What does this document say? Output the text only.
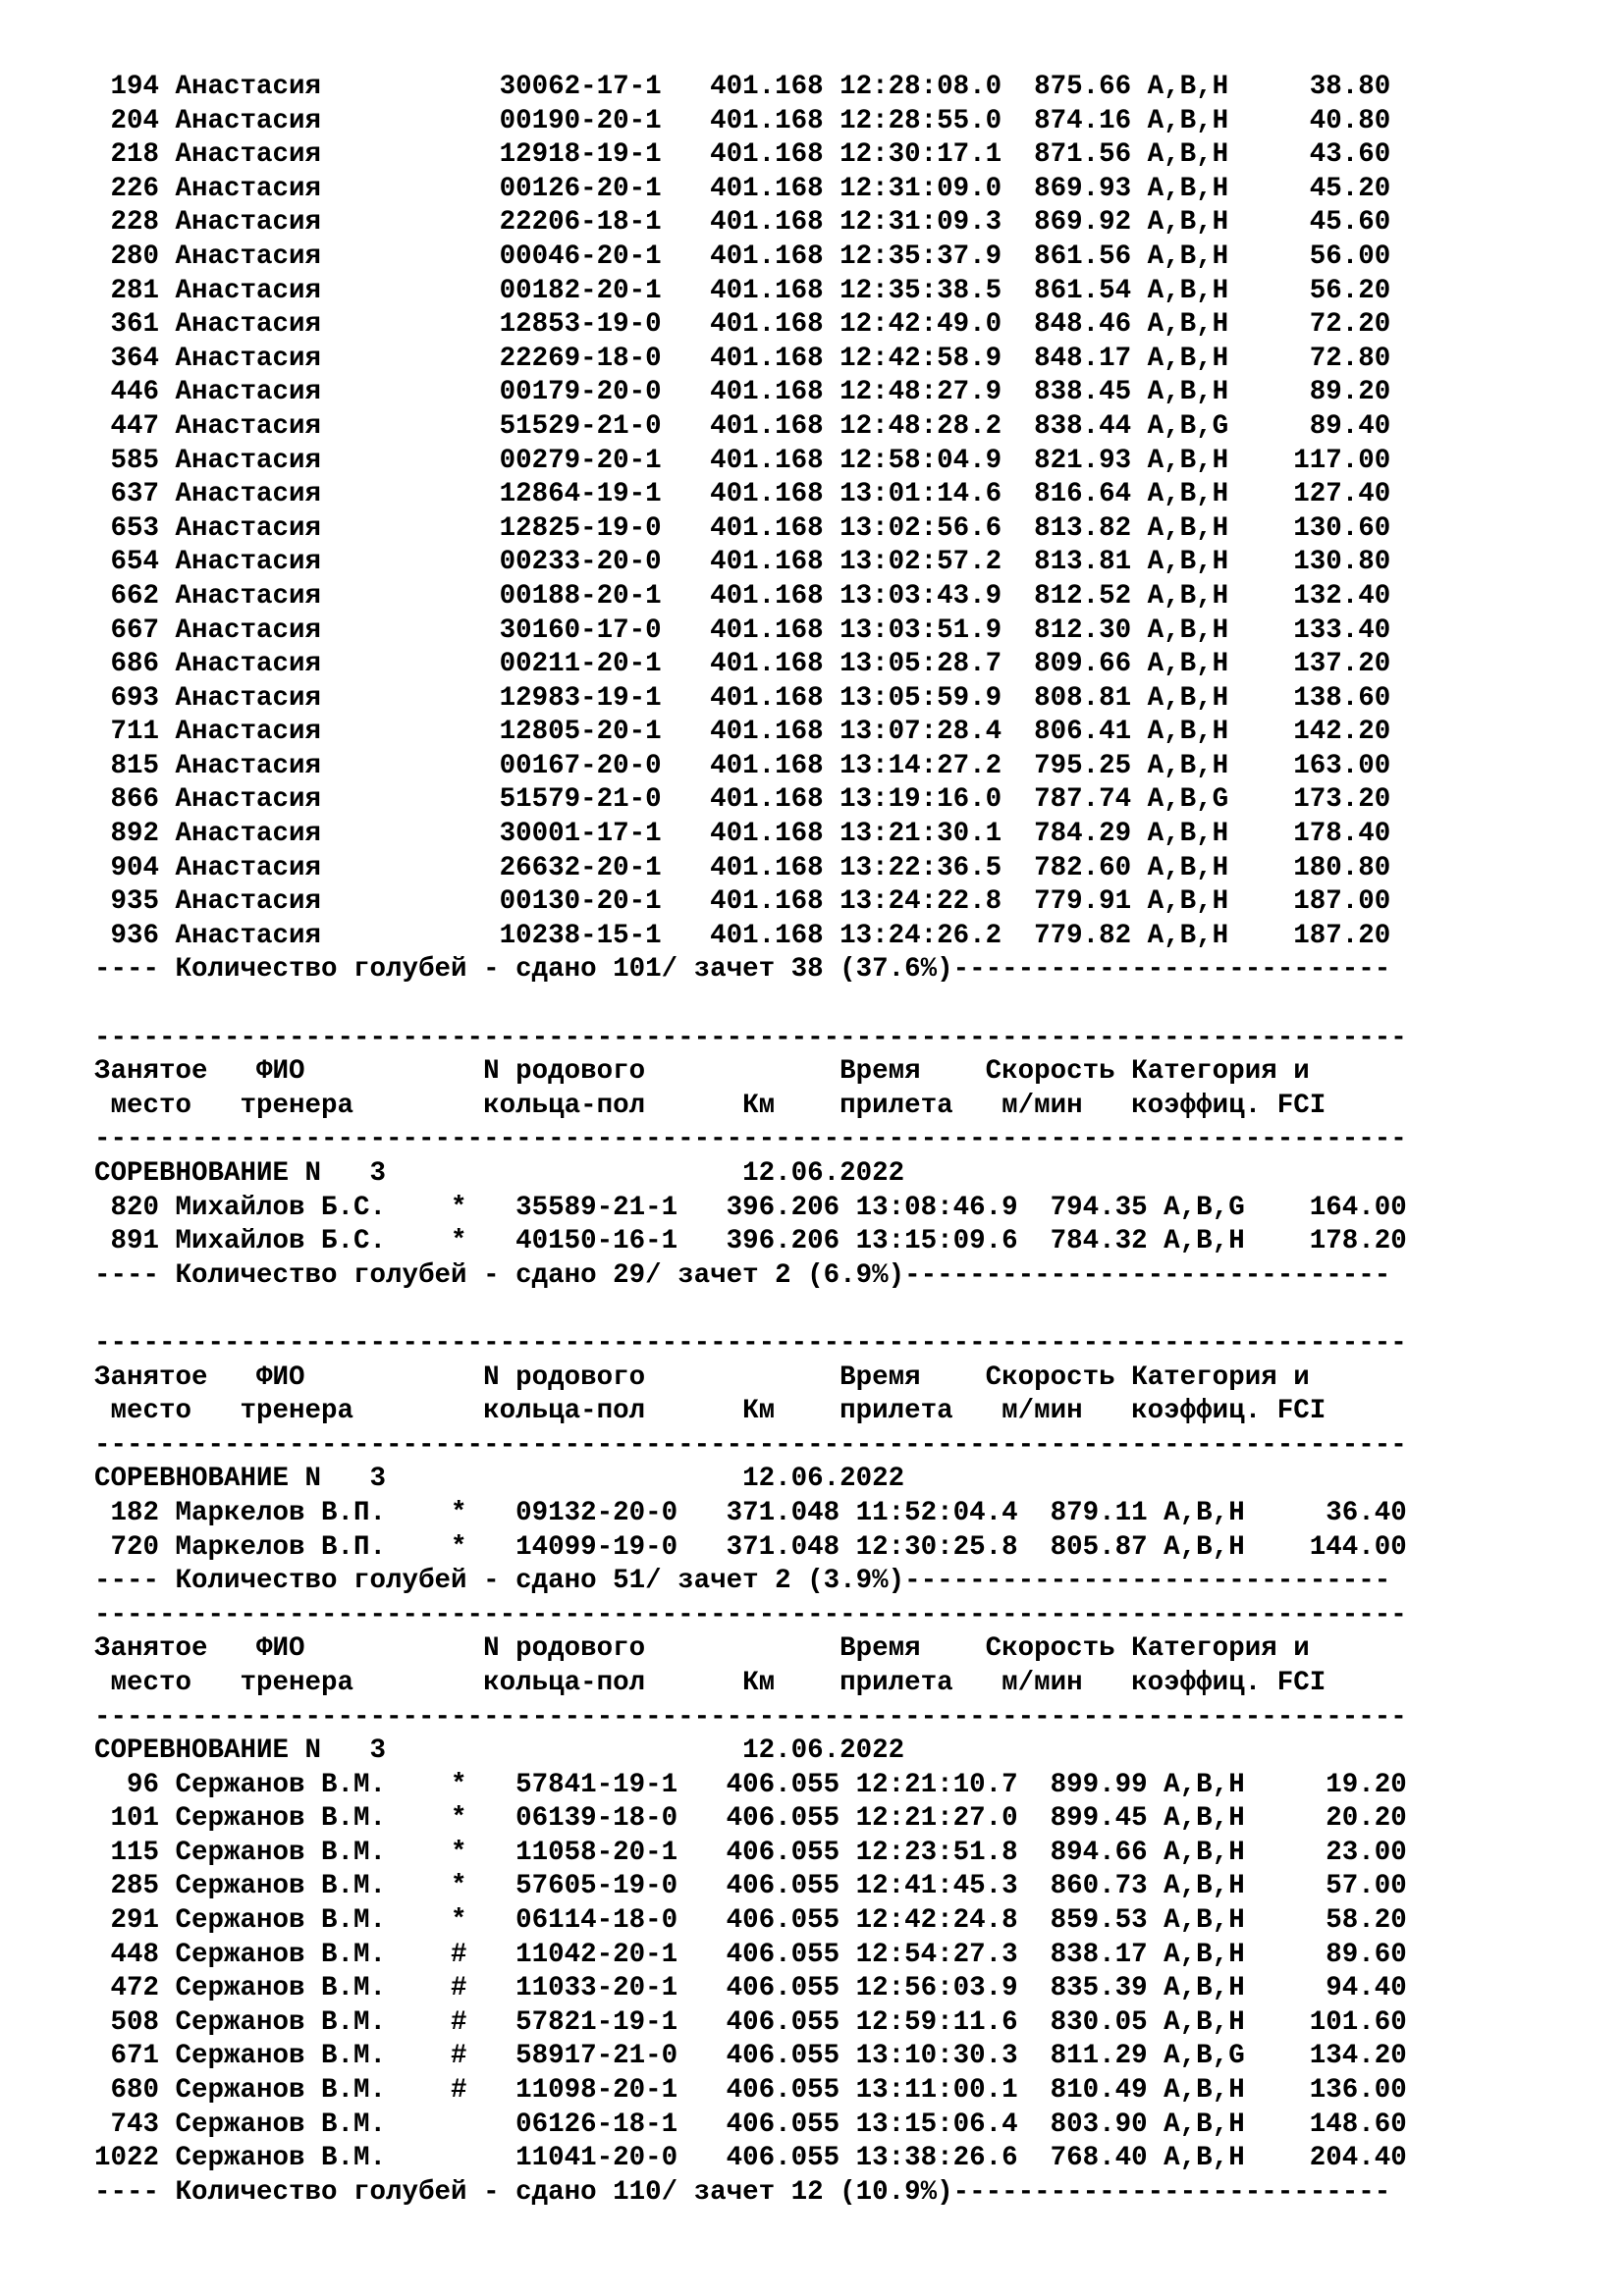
194 Анастасия           30062-17-1   401.168 12:28:08.0  875.66 A,B,H     38.80
204 Анастасия           00190-20-1   401.168 12:28:55.0  874.16 A,B,H     40.80
218 Анастасия           12918-19-1   401.168 12:30:17.1  871.56 A,B,H     43.60
226 Анастасия           00126-20-1   401.168 12:31:09.0  869.93 A,B,H     45.20
228 Анастасия           22206-18-1   401.168 12:31:09.3  869.92 A,B,H     45.60
280 Анастасия           00046-20-1   401.168 12:35:37.9  861.56 A,B,H     56.00
281 Анастасия           00182-20-1   401.168 12:35:38.5  861.54 A,B,H     56.20
361 Анастасия           12853-19-0   401.168 12:42:49.0  848.46 A,B,H     72.20
364 Анастасия           22269-18-0   401.168 12:42:58.9  848.17 A,B,H     72.80
446 Анастасия           00179-20-0   401.168 12:48:27.9  838.45 A,B,H     89.20
447 Анастасия           51529-21-0   401.168 12:48:28.2  838.44 A,B,G     89.40
585 Анастасия           00279-20-1   401.168 12:58:04.9  821.93 A,B,H    117.00
637 Анастасия           12864-19-1   401.168 13:01:14.6  816.64 A,B,H    127.40
653 Анастасия           12825-19-0   401.168 13:02:56.6  813.82 A,B,H    130.60
654 Анастасия           00233-20-0   401.168 13:02:57.2  813.81 A,B,H    130.80
662 Анастасия           00188-20-1   401.168 13:03:43.9  812.52 A,B,H    132.40
667 Анастасия           30160-17-0   401.168 13:03:51.9  812.30 A,B,H    133.40
686 Анастасия           00211-20-1   401.168 13:05:28.7  809.66 A,B,H    137.20
693 Анастасия           12983-19-1   401.168 13:05:59.9  808.81 A,B,H    138.60
711 Анастасия           12805-20-1   401.168 13:07:28.4  806.41 A,B,H    142.20
815 Анастасия           00167-20-0   401.168 13:14:27.2  795.25 A,B,H    163.00
866 Анастасия           51579-21-0   401.168 13:19:16.0  787.74 A,B,G    173.20
892 Анастасия           30001-17-1   401.168 13:21:30.1  784.29 A,B,H    178.40
904 Анастасия           26632-20-1   401.168 13:22:36.5  782.60 A,B,H    180.80
935 Анастасия           00130-20-1   401.168 13:24:22.8  779.91 A,B,H    187.00
936 Анастасия           10238-15-1   401.168 13:24:26.2  779.82 A,B,H    187.20
---- Количество голубей - сдано 101/ зачет 38 (37.6%)---------------------------
---------------------------------------------------------------------------------
Занятое   ФИО           N родового            Время    Скорость Категория и
место   тренера        кольца-пол      Км    прилета   м/мин   коэффиц. FCI
---------------------------------------------------------------------------------
СОРЕВНОВАНИЕ N   3                      12.06.2022
820 Михайлов Б.С.    *   35589-21-1   396.206 13:08:46.9  794.35 A,B,G    164.00
891 Михайлов Б.С.    *   40150-16-1   396.206 13:15:09.6  784.32 A,B,H    178.20
---- Количество голубей - сдано 29/ зачет 2 (6.9%)------------------------------
---------------------------------------------------------------------------------
Занятое   ФИО           N родового            Время    Скорость Категория и
место   тренера        кольца-пол      Км    прилета   м/мин   коэффиц. FCI
---------------------------------------------------------------------------------
СОРЕВНОВАНИЕ N   3                      12.06.2022
182 Маркелов В.П.    *   09132-20-0   371.048 11:52:04.4  879.11 A,B,H     36.40
720 Маркелов В.П.    *   14099-19-0   371.048 12:30:25.8  805.87 A,B,H    144.00
---- Количество голубей - сдано 51/ зачет 2 (3.9%)------------------------------
---------------------------------------------------------------------------------
Занятое   ФИО           N родового            Время    Скорость Категория и
место   тренера        кольца-пол      Км    прилета   м/мин   коэффиц. FCI
---------------------------------------------------------------------------------
СОРЕВНОВАНИЕ N   3                      12.06.2022
96 Сержанов В.М.    *   57841-19-1   406.055 12:21:10.7  899.99 A,B,H     19.20
101 Сержанов В.М.    *   06139-18-0   406.055 12:21:27.0  899.45 A,B,H     20.20
115 Сержанов В.М.    *   11058-20-1   406.055 12:23:51.8  894.66 A,B,H     23.00
285 Сержанов В.М.    *   57605-19-0   406.055 12:41:45.3  860.73 A,B,H     57.00
291 Сержанов В.М.    *   06114-18-0   406.055 12:42:24.8  859.53 A,B,H     58.20
448 Сержанов В.М.    #   11042-20-1   406.055 12:54:27.3  838.17 A,B,H     89.60
472 Сержанов В.М.    #   11033-20-1   406.055 12:56:03.9  835.39 A,B,H     94.40
508 Сержанов В.М.    #   57821-19-1   406.055 12:59:11.6  830.05 A,B,H    101.60
671 Сержанов В.М.    #   58917-21-0   406.055 13:10:30.3  811.29 A,B,G    134.20
680 Сержанов В.М.    #   11098-20-1   406.055 13:11:00.1  810.49 A,B,H    136.00
743 Сержанов В.М.        06126-18-1   406.055 13:15:06.4  803.90 A,B,H    148.60
1022 Сержанов В.М.        11041-20-0   406.055 13:38:26.6  768.40 A,B,H    204.40
---- Количество голубей - сдано 110/ зачет 12 (10.9%)---------------------------
